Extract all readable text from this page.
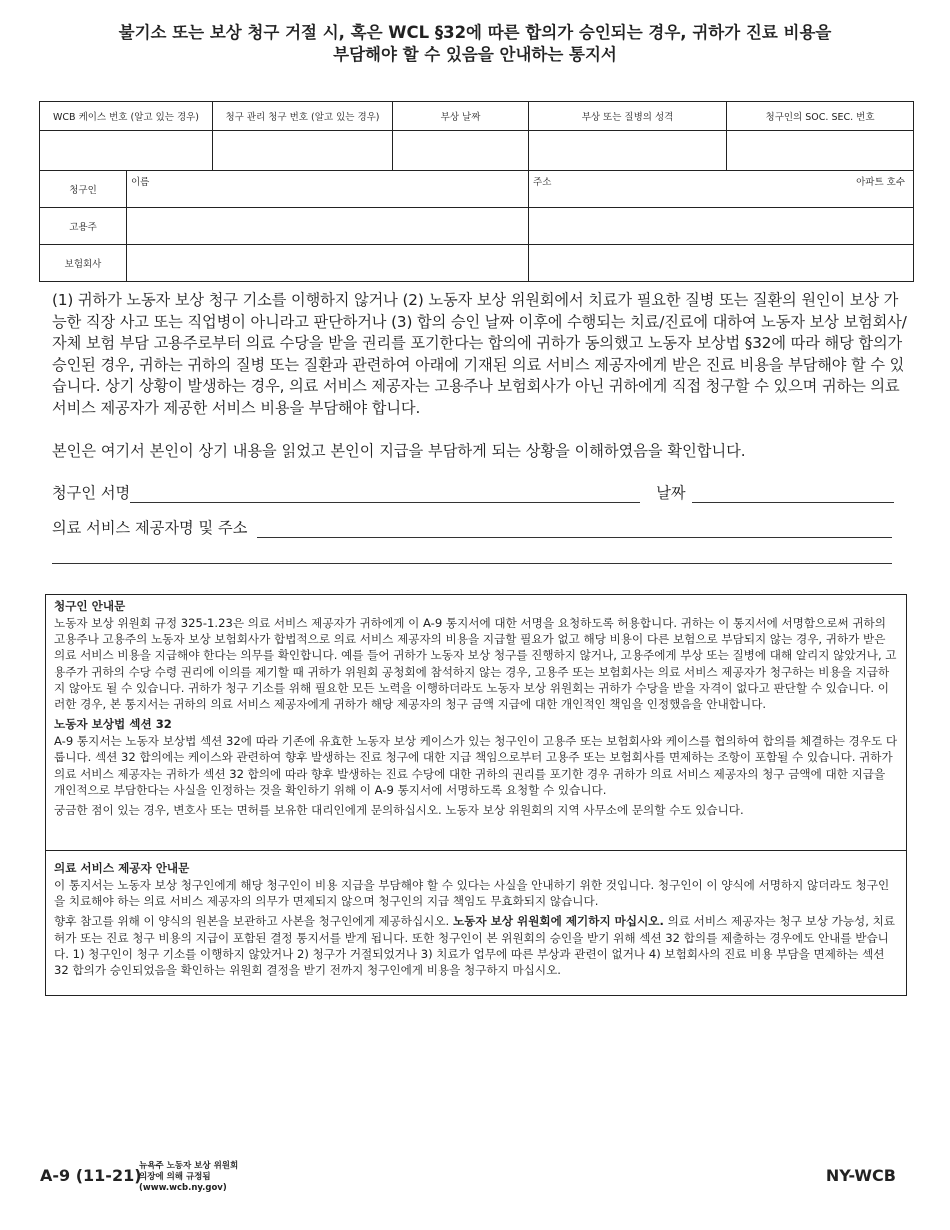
불기소 또는 보상 청구 거절 시, 혹은 WCL §32에 따른 합의가 승인되는 경우, 귀하가 진료 비용을
부담해야 할 수 있음을 안내하는 통지서
WCB 케이스 번호 (알고 있는 경우)		청구 관리 청구 번호 (알고 있는 경우)	부상 날짜	부상 또는 질병의 성격	청구인의 SOC. SEC. 번호

청구인	이름			주소 아파트 호수	

고용주					
보험회사					
(1) 귀하가 노동자 보상 청구 기소를 이행하지 않거나 (2) 노동자 보상 위원회에서 치료가 필요한 질병 또는 질환의 원인이 보상 가능한 직장 사고 또는 직업병이 아니라고 판단하거나 (3) 합의 승인 날짜 이후에 수행되는 치료/진료에 대하여 노동자 보상 보험회사/자체 보험 부담 고용주로부터 의료 수당을 받을 권리를 포기한다는 합의에 귀하가 동의했고 노동자 보상법 §32에 따라 해당 합의가 승인된 경우, 귀하는 귀하의 질병 또는 질환과 관련하여 아래에 기재된 의료 서비스 제공자에게 받은 진료 비용을 부담해야 할 수 있습니다. 상기 상황이 발생하는 경우, 의료 서비스 제공자는 고용주나 보험회사가 아닌 귀하에게 직접 청구할 수 있으며 귀하는 의료 서비스 제공자가 제공한 서비스 비용을 부담해야 합니다.
본인은 여기서 본인이 상기 내용을 읽었고 본인이 지급을 부담하게 되는 상황을 이해하였음을 확인합니다.
청구인 서명	날짜
의료 서비스 제공자명 및 주소
청구인 안내문

노동자 보상 위원회 규정 325-1.23은 의료 서비스 제공자가 귀하에게 이 A-9 통지서에 대한 서명을 요청하도록 허용합니다. 귀하는 이 통지서에 서명함으로써 귀하의 고용주나 고용주의 노동자 보상 보험회사가 합법적으로 의료 서비스 제공자의 비용을 지급할 필요가 없고 해당 비용이 다른 보험으로 부담되지 않는 경우, 귀하가 받은 의료 서비스 비용을 지급해야 한다는 의무를 확인합니다. 예를 들어 귀하가 노동자 보상 청구를 진행하지 않거나, 고용주에게 부상 또는 질병에 대해 알리지 않았거나, 고용주가 귀하의 수당 수령 권리에 이의를 제기할 때 귀하가 위원회 공청회에 참석하지 않는 경우, 고용주 또는 보험회사는 의료 서비스 제공자가 청구하는 비용을 지급하지 않아도 될 수 있습니다. 귀하가 청구 기소를 위해 필요한 모든 노력을 이행하더라도 노동자 보상 위원회는 귀하가 수당을 받을 자격이 없다고 판단할 수 있습니다. 이러한 경우, 본 통지서는 귀하의 의료 서비스 제공자에게 귀하가 해당 제공자의 청구 금액 지급에 대한 개인적인 책임을 인정했음을 안내합니다.

노동자 보상법 섹션 32

A-9 통지서는 노동자 보상법 섹션 32에 따라 기존에 유효한 노동자 보상 케이스가 있는 청구인이 고용주 또는 보험회사와 케이스를 협의하여 합의를 체결하는 경우도 다룹니다. 섹션 32 합의에는 케이스와 관련하여 향후 발생하는 진료 청구에 대한 지급 책임으로부터 고용주 또는 보험회사를 면제하는 조항이 포함될 수 있습니다. 귀하가 의료 서비스 제공자는 귀하가 섹션 32 합의에 따라 향후 발생하는 진료 수당에 대한 귀하의 권리를 포기한 경우 귀하가 의료 서비스 제공자의 청구 금액에 대한 지급을 개인적으로 부담한다는 사실을 인정하는 것을 확인하기 위해 이 A-9 통지서에 서명하도록 요청할 수 있습니다.

궁금한 점이 있는 경우, 변호사 또는 면허를 보유한 대리인에게 문의하십시오. 노동자 보상 위원회의 지역 사무소에 문의할 수도 있습니다.

의료 서비스 제공자 안내문

이 통지서는 노동자 보상 청구인에게 해당 청구인이 비용 지급을 부담해야 할 수 있다는 사실을 안내하기 위한 것입니다. 청구인이 이 양식에 서명하지 않더라도 청구인을 치료해야 하는 의료 서비스 제공자의 의무가 면제되지 않으며 청구인의 지급 책임도 무효화되지 않습니다.

향후 참고를 위해 이 양식의 원본을 보관하고 사본을 청구인에게 제공하십시오. 노동자 보상 위원회에 제기하지 마십시오. 의료 서비스 제공자는 청구 보상 가능성, 치료 허가 또는 진료 청구 비용의 지급이 포함된 결정 통지서를 받게 됩니다. 또한 청구인이 본 위원회의 승인을 받기 위해 섹션 32 합의를 제출하는 경우에도 안내를 받습니다. 1) 청구인이 청구 기소를 이행하지 않았거나 2) 청구가 거절되었거나 3) 치료가 업무에 따른 부상과 관련이 없거나 4) 보험회사의 진료 비용 부담을 면제하는 섹션 32 합의가 승인되었음을 확인하는 위원회 결정을 받기 전까지 청구인에게 비용을 청구하지 마십시오.

A-9 (11-21)
뉴욕주 노동자 보상 위원회
의장에 의해 규정됨
(www.wcb.ny.gov)
NY-WCB
